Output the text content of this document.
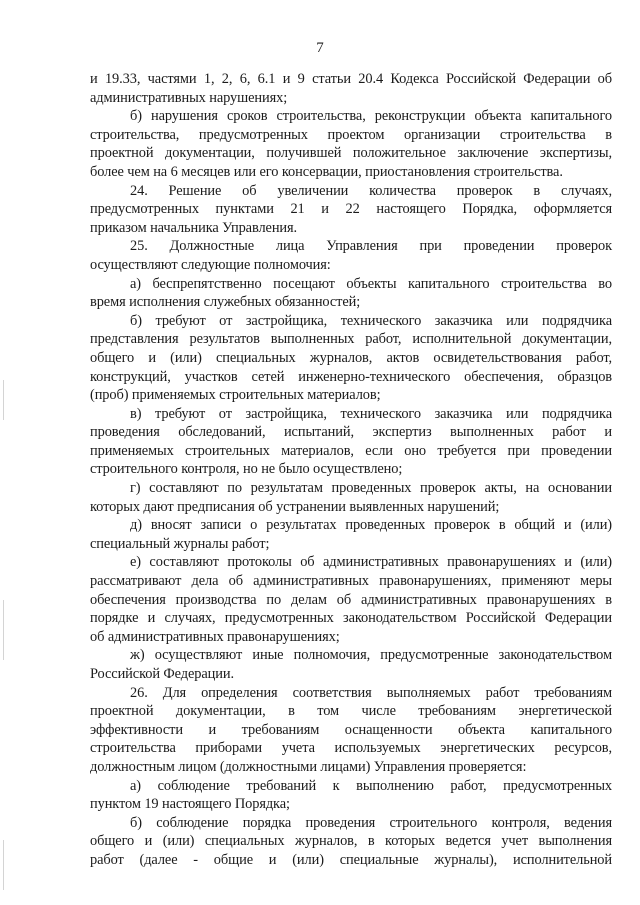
7

и 19.33, частями 1, 2, 6, 6.1 и 9 статьи 20.4 Кодекса Российской Федерации об

административных нарушениях;

б) нарушения сроков строительства, реконструкции объекта капитального

строительства, предусмотренных проектом организации строительства в

проектной документации, получившей положительное заключение экспертизы,

более чем на 6 месяцев или его консервации, приостановления строительства.

24. Решение об увеличении количества проверок в случаях,

предусмотренных пунктами 21 и 22 настоящего Порядка, оформляется

приказом начальника Управления.

25. Должностные лица Управления при проведении проверок

осуществляют следующие полномочия:

а) беспрепятственно посещают объекты капитального строительства во

время исполнения служебных обязанностей;

б) требуют от застройщика, технического заказчика или подрядчика

представления результатов выполненных работ, исполнительной документации,

общего и (или) специальных журналов, актов освидетельствования работ,

конструкций, участков сетей инженерно-технического обеспечения, образцов

(проб) применяемых строительных материалов;

в) требуют от застройщика, технического заказчика или подрядчика

проведения обследований, испытаний, экспертиз выполненных работ и

применяемых строительных материалов, если оно требуется при проведении

строительного контроля, но не было осуществлено;

г) составляют по результатам проведенных проверок акты, на основании

которых дают предписания об устранении выявленных нарушений;

д) вносят записи о результатах проведенных проверок в общий и (или)

специальный журналы работ;

е) составляют протоколы об административных правонарушениях и (или)

рассматривают дела об административных правонарушениях, применяют меры

обеспечения производства по делам об административных правонарушениях в

порядке и случаях, предусмотренных законодательством Российской Федерации

об административных правонарушениях;

ж) осуществляют иные полномочия, предусмотренные законодательством

Российской Федерации.

26. Для определения соответствия выполняемых работ требованиям

проектной документации, в том числе требованиям энергетической

эффективности и требованиям оснащенности объекта капитального

строительства приборами учета используемых энергетических ресурсов,

должностным лицом (должностными лицами) Управления проверяется:

а) соблюдение требований к выполнению работ, предусмотренных

пунктом 19 настоящего Порядка;

б) соблюдение порядка проведения строительного контроля, ведения

общего и (или) специальных журналов, в которых ведется учет выполнения

работ (далее - общие и (или) специальные журналы), исполнительной
